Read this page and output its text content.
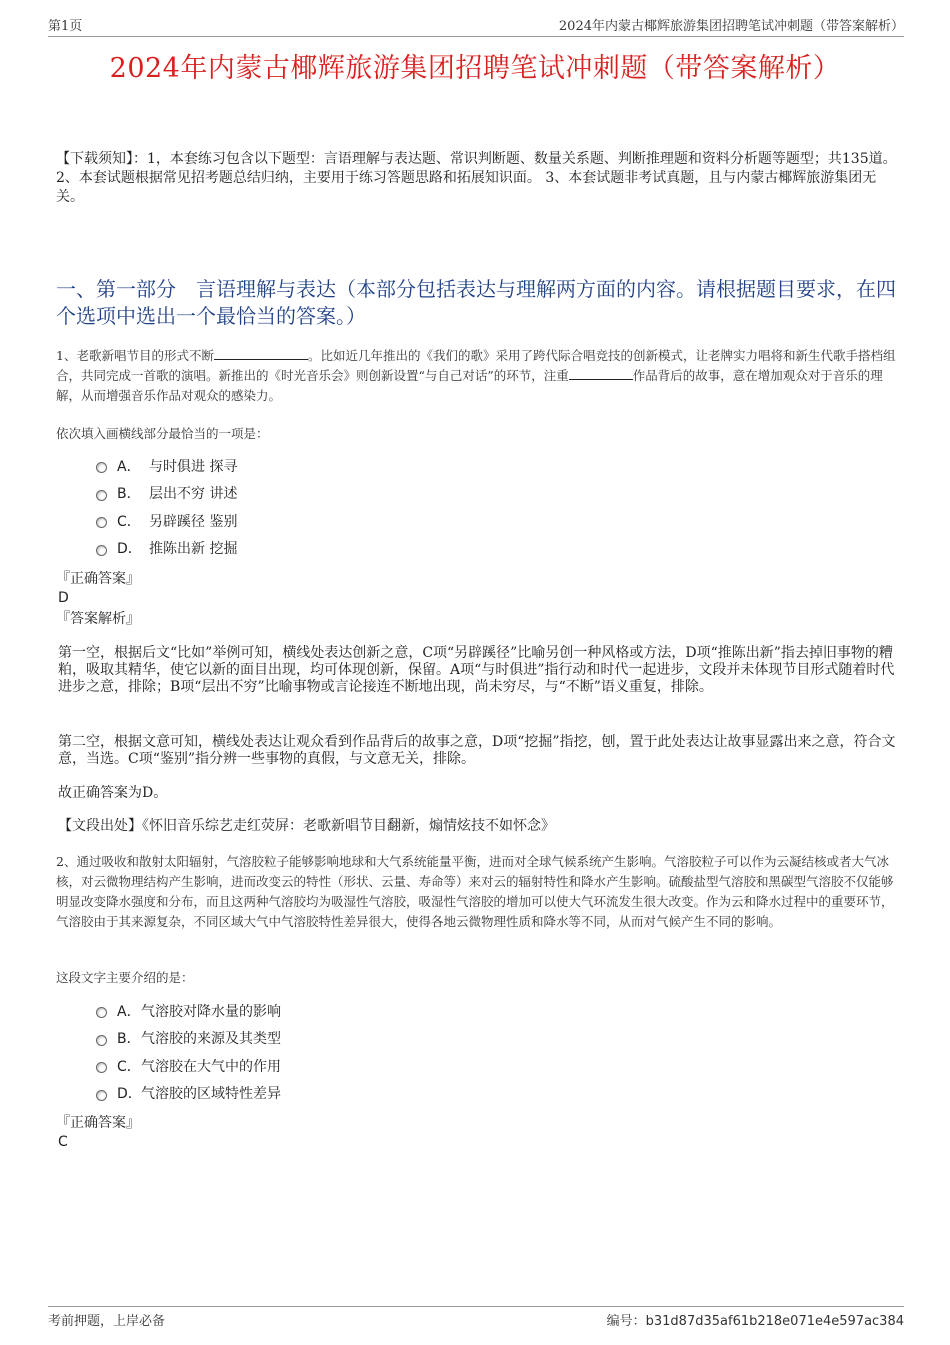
第1页	2024年内蒙古椰辉旅游集团招聘笔试冲刺题（带答案解析）
2024年内蒙古椰辉旅游集团招聘笔试冲刺题（带答案解析）
【下载须知】：1，本套练习包含以下题型：言语理解与表达题、常识判断题、数量关系题、判断推理题和资料分析题等题型；共135道。 2、本套试题根据常见招考题总结归纳，主要用于练习答题思路和拓展知识面。 3、本套试题非考试真题，且与内蒙古椰辉旅游集团无关。
一、第一部分　言语理解与表达（本部分包括表达与理解两方面的内容。请根据题目要求，在四个选项中选出一个最恰当的答案。）
1、老歌新唱节目的形式不断	。比如近几年推出的《我们的歌》采用了跨代际合唱竞技的创新模式，让老牌实力唱将和新生代歌手搭档组合，共同完成一首歌的演唱。新推出的《时光音乐会》则创新设置“与自己对话”的环节，注重	作品背后的故事，意在增加观众对于音乐的理解，从而增强音乐作品对观众的感染力。
依次填入画横线部分最恰当的一项是：
A． 与时俱进 探寻
B． 层出不穷 讲述
C． 另辟蹊径 鉴别
D． 推陈出新 挖掘
『正确答案』
D
『答案解析』
第一空，根据后文“比如”举例可知，横线处表达创新之意，C项“另辟蹊径”比喻另创一种风格或方法，D项“推陈出新”指去掉旧事物的糟粕，吸取其精华，使它以新的面目出现，均可体现创新，保留。A项“与时俱进”指行动和时代一起进步，文段并未体现节目形式随着时代进步之意，排除；B项“层出不穷”比喻事物或言论接连不断地出现，尚未穷尽，与“不断”语义重复，排除。
第二空，根据文意可知，横线处表达让观众看到作品背后的故事之意，D项“挖掘”指挖，刨，置于此处表达让故事显露出来之意，符合文意，当选。C项“鉴别”指分辨一些事物的真假，与文意无关，排除。
故正确答案为D。
【文段出处】《怀旧音乐综艺走红荧屏：老歌新唱节目翻新，煽情炫技不如怀念》
2、通过吸收和散射太阳辐射，气溶胶粒子能够影响地球和大气系统能量平衡，进而对全球气候系统产生影响。气溶胶粒子可以作为云凝结核或者大气冰核，对云微物理结构产生影响，进而改变云的特性（形状、云量、寿命等）来对云的辐射特性和降水产生影响。硫酸盐型气溶胶和黑碳型气溶胶不仅能够明显改变降水强度和分布，而且这两种气溶胶均为吸湿性气溶胶，吸湿性气溶胶的增加可以使大气环流发生很大改变。作为云和降水过程中的重要环节，气溶胶由于其来源复杂，不同区域大气中气溶胶特性差异很大，使得各地云微物理性质和降水等不同，从而对气候产生不同的影响。
这段文字主要介绍的是：
A． 气溶胶对降水量的影响
B． 气溶胶的来源及其类型
C． 气溶胶在大气中的作用
D． 气溶胶的区域特性差异
『正确答案』
C
考前押题，上岸必备	编号：b31d87d35af61b218e071e4e597ac384
